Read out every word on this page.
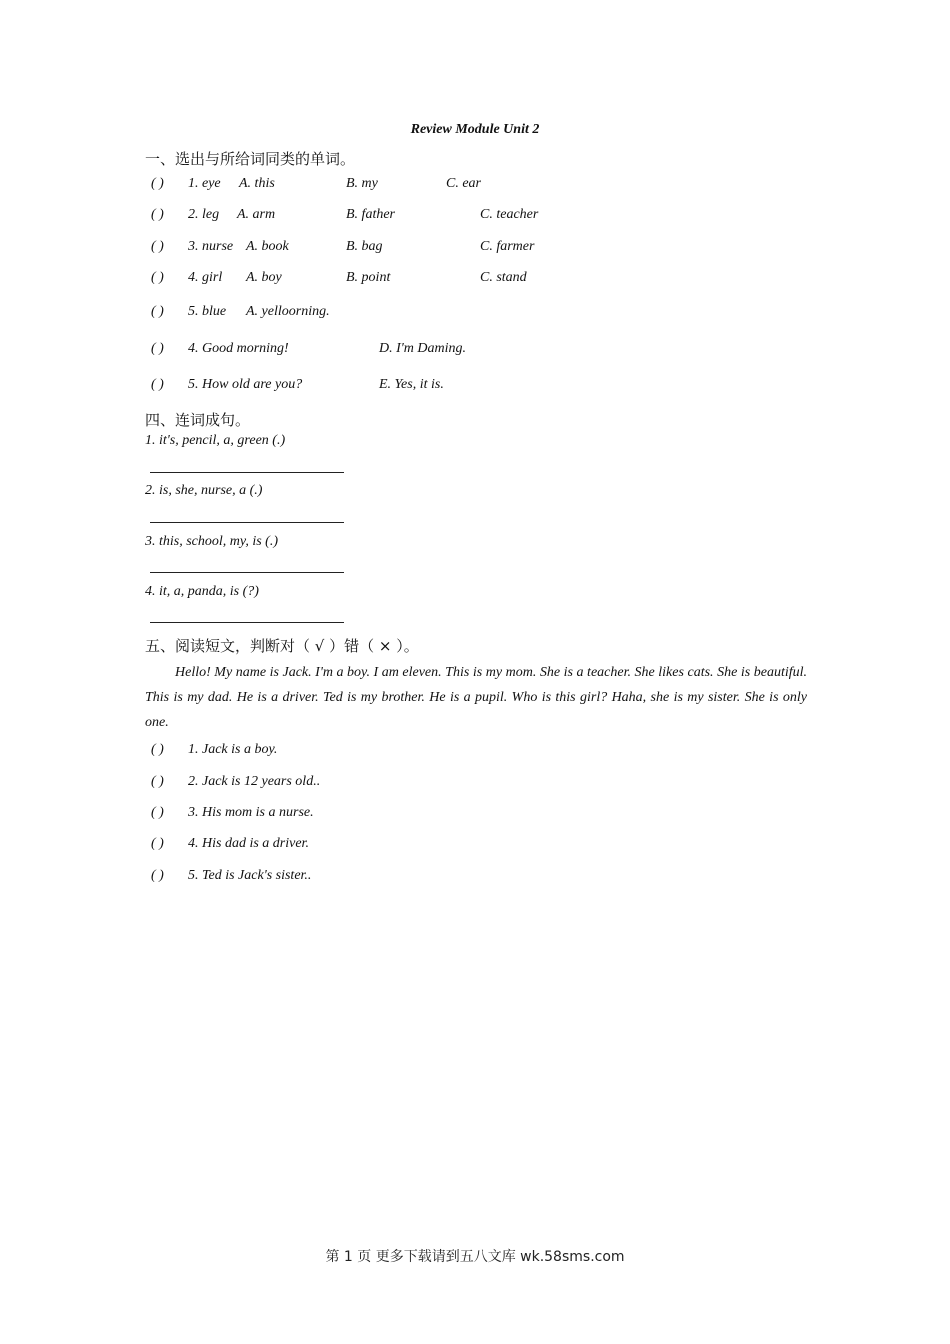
Review Module Unit 2
一、选出与所给词同类的单词。
( ) 1. eye A. this	B. my	C. ear
( ) 2. leg A. arm	B. father	C. teacher
( ) 3. nurse A. book	B. bag	C. farmer
( ) 4. girl A. boy	B. point	C. stand
( ) 5. blue A. yelloorning.
( ) 4. Good morning!	D. I'm Daming.
( ) 5. How old are you?	E. Yes, it is.
四、连词成句。
1. it's, pencil, a, green (.)
2. is, she, nurse, a (.)
3. this, school, my, is (.)
4. it, a, panda, is (?)
五、阅读短文，判断对（ √ ）错（ × ）。

Hello! My name is Jack. I'm a boy. I am eleven. This is my mom. She is a teacher. She likes cats. She is beautiful. This is my dad. He is a driver. Ted is my brother. He is a pupil. Who is this girl? Haha, she is my sister. She is only one.

( ) 1. Jack is a boy.
( ) 2. Jack is 12 years old..
( ) 3. His mom is a nurse.
( ) 4. His dad is a driver.
( ) 5. Ted is Jack's sister..
第 1 页 更多下载请到五八文库 wk.58sms.com
